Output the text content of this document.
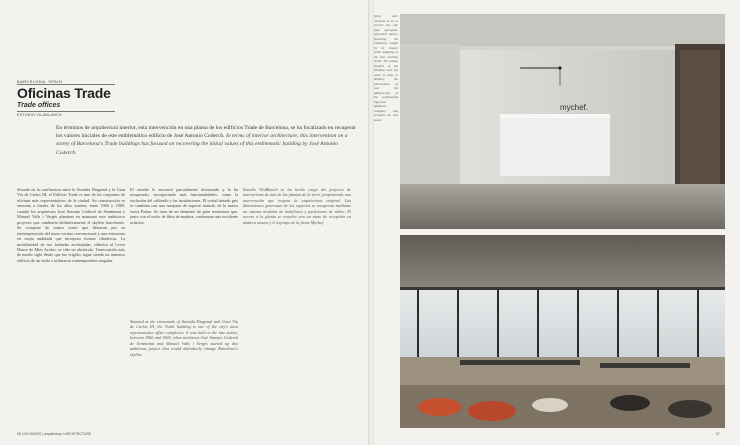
BARCELONA, SPAIN
Oficinas Trade
Trade offices
ESTUDIO VILABLANCH
En términos de arquitectura interior, esta intervención en una planta de los edificios Trade de Barcelona, se ha focalizado en recuperar los valores iniciales de este emblemático edificio de José Antonio Coderch. In terms of interior architecture, this intervention on a storey of Barcelona's Trade buildings has focused on recovering the initial values of this emblematic building by José Antonio Coderch.

Situado en la confluencia entre la Avenida Diagonal y la Gran Vía de Carlos III, el Edificio Trade es uno de los conjuntos de oficinas más representativos de la ciudad. Su construcción se remonta a finales de los años sesenta, entre 1966 y 1969, cuando los arquitectos José Antonio Coderch de Sentmenat y Manuel Valls i Vergés plantean en manzana este ambicioso proyecto que cambiaría definitivamente el skyline barcelonés. Se compone de cuatro torres que destacan por su reinterpretación del muro cortina convencional y una estructura en crujía ondulada que incorpora formas cilíndricas. La modularidad de sus fachadas acristaladas, idéntica al Lever House de Mies Avalos, se ciñe un obstáculo. Transcurrido más de medio siglo desde que fue erigido, sigue siendo un inmenso edificio de un estilo e influencia contemporáneo singular.

El estudio lo encontró parcialmente destrozado y lo ha recuperado, incorporando más funcionalidades, como la exclusión del cableado y las instalaciones. El cristal tintado gris se combina con una moqueta de aspecto natural, de la marca sueca Bolon. Se trata de un elemento de gran resistencia que, junto con el techo de fibra de madera, conforman una excelente acústica.

Situated at the crossroads of Avenida Diagonal and Gran Vía de Carlos III, the Trade building is one of the city's most representative office complexes. It was built in the late sixties, between 1966 and 1969, when architects José Antonio Coderch de Sentmenat and Manuel Valls i Vergés started up this ambitious project that would definitively change Barcelona's skyline.

Estudio VilaBlanch se ha hecho cargo del proyecto de interiorismo de una de las plantas de la torre, proponiendo una intervención que respeta la arquitectura original. Las dimensiones generosas de los espacios se recuperan mediante un sistema modular de mobiliario y particiones de vidrio. El acceso a la planta se resuelve con un muro de recepción en madera oscura y el logotipo de la firma Mychef.

96 | ON DIARIO | arquitectura / ARCHITECTURE

Some were removed so as to recover the old, fully open-plan, polyvalent spaces, favouring the luminosity sought by its creator while adapting to the new working needs. The unique features of the building were key when it came to defining the intervention, as was the idiosyncrasy of the professional high-end appliance company that occupies the new space.

mychef.
97
